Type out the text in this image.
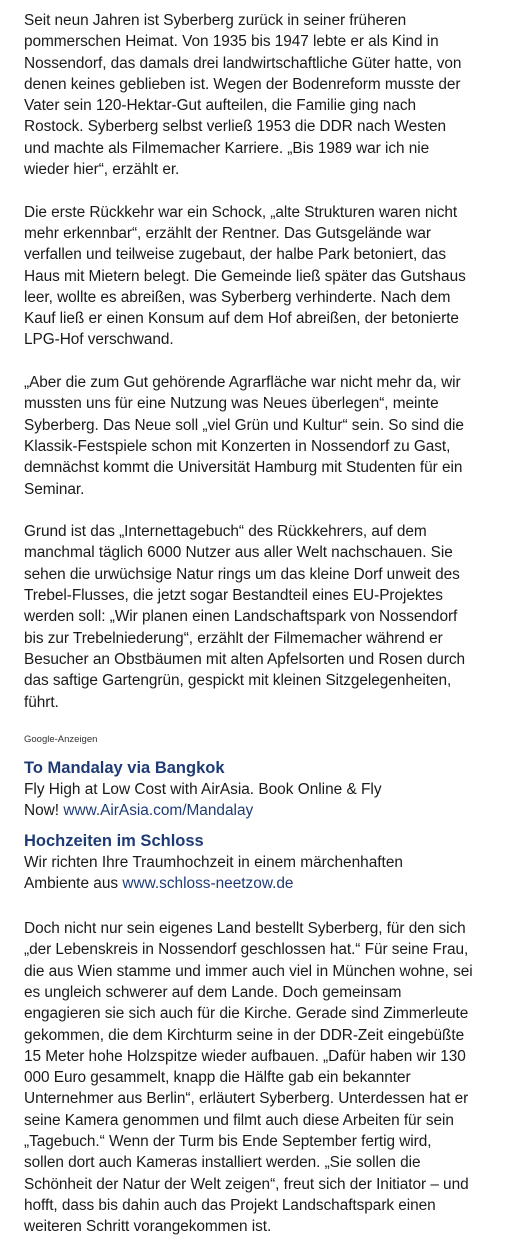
Seit neun Jahren ist Syberberg zurück in seiner früheren
pommerschen Heimat. Von 1935 bis 1947 lebte er als Kind in
Nossendorf, das damals drei landwirtschaftliche Güter hatte, von
denen keines geblieben ist. Wegen der Bodenreform musste der
Vater sein 120-Hektar-Gut aufteilen, die Familie ging nach
Rostock. Syberberg selbst verließ 1953 die DDR nach Westen
und machte als Filmemacher Karriere. „Bis 1989 war ich nie
wieder hier“, erzählt er.

Die erste Rückkehr war ein Schock, „alte Strukturen waren nicht
mehr erkennbar“, erzählt der Rentner. Das Gutsgelände war
verfallen und teilweise zugebaut, der halbe Park betoniert, das
Haus mit Mietern belegt. Die Gemeinde ließ später das Gutshaus
leer, wollte es abreißen, was Syberberg verhinderte. Nach dem
Kauf ließ er einen Konsum auf dem Hof abreißen, der betonierte
LPG-Hof verschwand.

„Aber die zum Gut gehörende Agrarfläche war nicht mehr da, wir
mussten uns für eine Nutzung was Neues überlegen“, meinte
Syberberg. Das Neue soll „viel Grün und Kultur“ sein. So sind die
Klassik-Festspiele schon mit Konzerten in Nossendorf zu Gast,
demnächst kommt die Universität Hamburg mit Studenten für ein
Seminar.

Grund ist das „Internettagebuch“ des Rückkehrers, auf dem
manchmal täglich 6000 Nutzer aus aller Welt nachschauen. Sie
sehen die urwüchsige Natur rings um das kleine Dorf unweit des
Trebel-Flusses, die jetzt sogar Bestandteil eines EU-Projektes
werden soll: „Wir planen einen Landschaftspark von Nossendorf
bis zur Trebelniederung“, erzählt der Filmemacher während er
Besucher an Obstbäumen mit alten Apfelsorten und Rosen durch
das saftige Gartengrün, gespickt mit kleinen Sitzgelegenheiten,
führt.

Google-Anzeigen
To Mandalay via Bangkok
Fly High at Low Cost with AirAsia. Book Online & Fly
Now! www.AirAsia.com/Mandalay
Hochzeiten im Schloss
Wir richten Ihre Traumhochzeit in einem märchenhaften
Ambiente aus www.schloss-neetzow.de

Doch nicht nur sein eigenes Land bestellt Syberberg, für den sich
„der Lebenskreis in Nossendorf geschlossen hat.“ Für seine Frau,
die aus Wien stamme und immer auch viel in München wohne, sei
es ungleich schwerer auf dem Lande. Doch gemeinsam
engagieren sie sich auch für die Kirche. Gerade sind Zimmerleute
gekommen, die dem Kirchturm seine in der DDR-Zeit eingebüßte
15 Meter hohe Holzspitze wieder aufbauen. „Dafür haben wir 130
000 Euro gesammelt, knapp die Hälfte gab ein bekannter
Unternehmer aus Berlin“, erläutert Syberberg. Unterdessen hat er
seine Kamera genommen und filmt auch diese Arbeiten für sein
„Tagebuch.“ Wenn der Turm bis Ende September fertig wird,
sollen dort auch Kameras installiert werden. „Sie sollen die
Schönheit der Natur der Welt zeigen“, freut sich der Initiator – und
hofft, dass bis dahin auch das Projekt Landschaftspark einen
weiteren Schritt vorangekommen ist.
